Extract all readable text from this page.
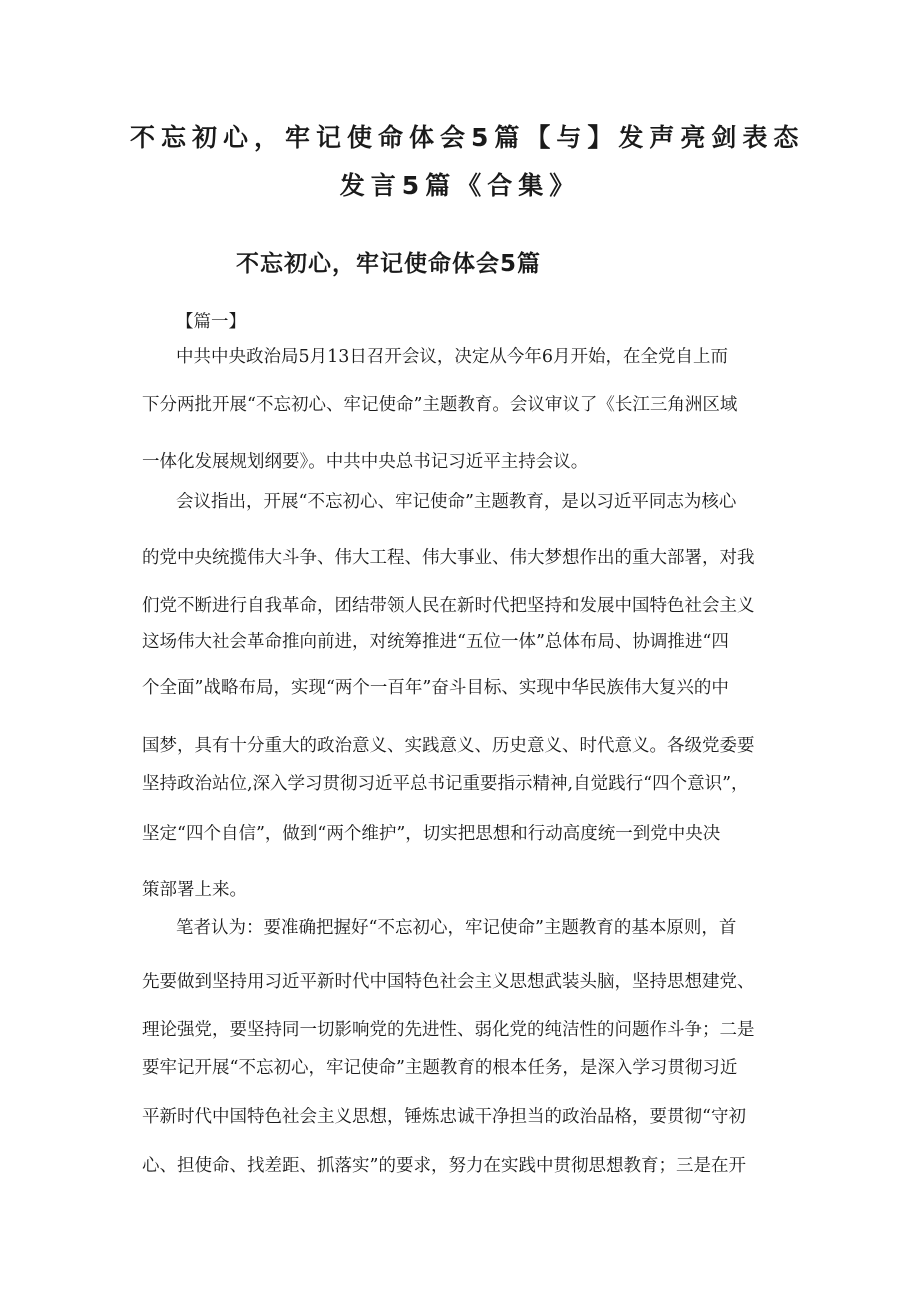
不忘初心，牢记使命体会5篇【与】发声亮剑表态
发言5篇《合集》
不忘初心，牢记使命体会5篇

【篇一】

中共中央政治局5月13日召开会议，决定从今年6月开始，在全党自上而

下分两批开展“不忘初心、牢记使命”主题教育。会议审议了《长江三角洲区域

一体化发展规划纲要》。中共中央总书记习近平主持会议。

会议指出，开展“不忘初心、牢记使命”主题教育，是以习近平同志为核心

的党中央统揽伟大斗争、伟大工程、伟大事业、伟大梦想作出的重大部署，对我

们党不断进行自我革命，团结带领人民在新时代把坚持和发展中国特色社会主义

这场伟大社会革命推向前进，对统筹推进“五位一体”总体布局、协调推进“四

个全面”战略布局，实现“两个一百年”奋斗目标、实现中华民族伟大复兴的中

国梦，具有十分重大的政治意义、实践意义、历史意义、时代意义。各级党委要

坚持政治站位,深入学习贯彻习近平总书记重要指示精神,自觉践行“四个意识”，

坚定“四个自信”，做到“两个维护”，切实把思想和行动高度统一到党中央决

策部署上来。

笔者认为：要准确把握好“不忘初心，牢记使命”主题教育的基本原则，首

先要做到坚持用习近平新时代中国特色社会主义思想武装头脑，坚持思想建党、

理论强党，要坚持同一切影响党的先进性、弱化党的纯洁性的问题作斗争；二是

要牢记开展“不忘初心，牢记使命”主题教育的根本任务，是深入学习贯彻习近

平新时代中国特色社会主义思想，锤炼忠诚干净担当的政治品格，要贯彻“守初

心、担使命、找差距、抓落实”的要求，努力在实践中贯彻思想教育；三是在开
